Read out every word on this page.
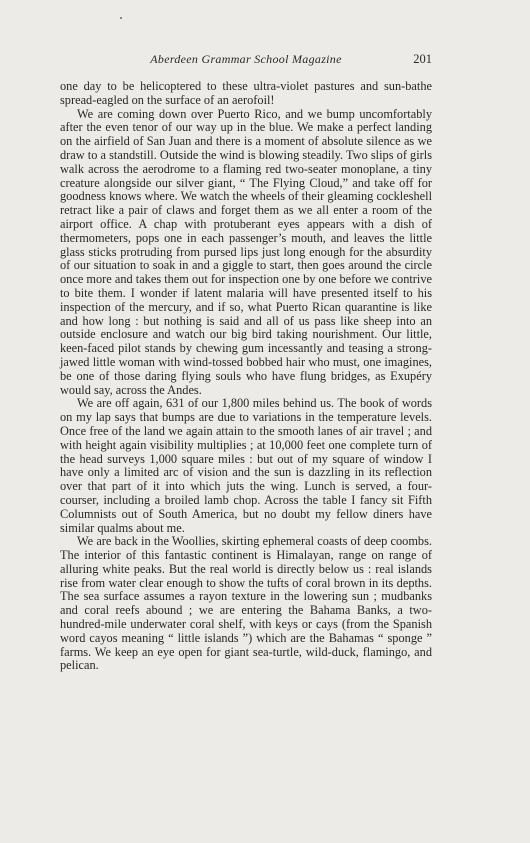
Aberdeen Grammar School Magazine	201

one day to be helicoptered to these ultra-violet pastures and sun-bathe spread-eagled on the surface of an aerofoil!

We are coming down over Puerto Rico, and we bump uncomfortably after the even tenor of our way up in the blue. We make a perfect landing on the airfield of San Juan and there is a moment of absolute silence as we draw to a standstill. Outside the wind is blowing steadily. Two slips of girls walk across the aerodrome to a flaming red two-seater monoplane, a tiny creature alongside our silver giant, “ The Flying Cloud,” and take off for goodness knows where. We watch the wheels of their gleaming cockleshell retract like a pair of claws and forget them as we all enter a room of the airport office. A chap with protuberant eyes appears with a dish of thermometers, pops one in each passenger’s mouth, and leaves the little glass sticks protruding from pursed lips just long enough for the absurdity of our situation to soak in and a giggle to start, then goes around the circle once more and takes them out for inspection one by one before we contrive to bite them. I wonder if latent malaria will have presented itself to his inspection of the mercury, and if so, what Puerto Rican quarantine is like and how long : but nothing is said and all of us pass like sheep into an outside enclosure and watch our big bird taking nourishment. Our little, keen-faced pilot stands by chewing gum incessantly and teasing a strong-jawed little woman with wind-tossed bobbed hair who must, one imagines, be one of those daring flying souls who have flung bridges, as Exupéry would say, across the Andes.

We are off again, 631 of our 1,800 miles behind us. The book of words on my lap says that bumps are due to variations in the temperature levels. Once free of the land we again attain to the smooth lanes of air travel ; and with height again visibility multiplies ; at 10,000 feet one complete turn of the head surveys 1,000 square miles : but out of my square of window I have only a limited arc of vision and the sun is dazzling in its reflection over that part of it into which juts the wing. Lunch is served, a four-courser, including a broiled lamb chop. Across the table I fancy sit Fifth Columnists out of South America, but no doubt my fellow diners have similar qualms about me.

We are back in the Woollies, skirting ephemeral coasts of deep coombs. The interior of this fantastic continent is Himalayan, range on range of alluring white peaks. But the real world is directly below us : real islands rise from water clear enough to show the tufts of coral brown in its depths. The sea surface assumes a rayon texture in the lowering sun ; mudbanks and coral reefs abound ; we are entering the Bahama Banks, a two-hundred-mile underwater coral shelf, with keys or cays (from the Spanish word cayos meaning “ little islands ”) which are the Bahamas “ sponge ” farms. We keep an eye open for giant sea-turtle, wild-duck, flamingo, and pelican.
